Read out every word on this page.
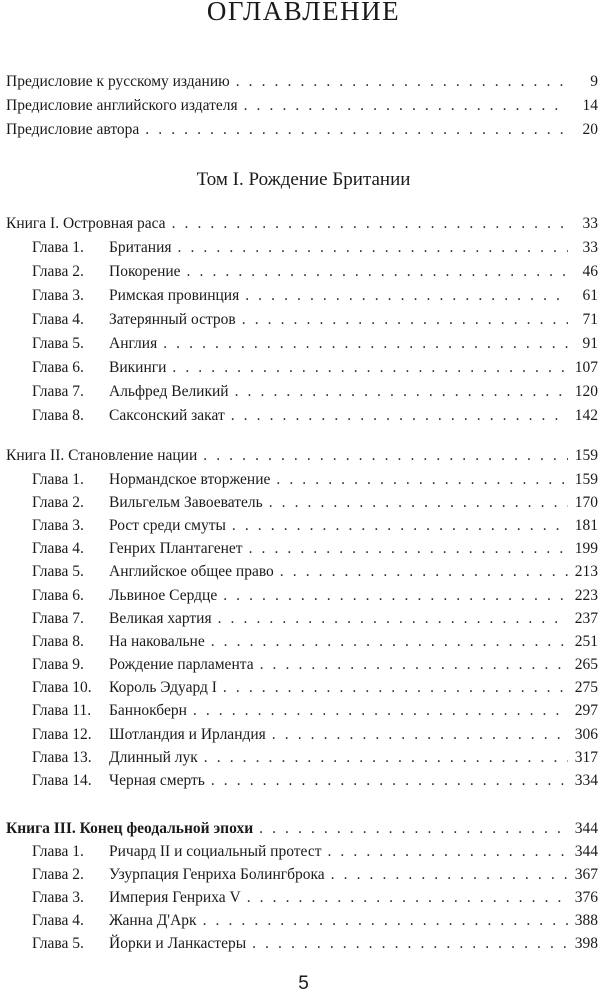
ОГЛАВЛЕНИЕ
Предисловие к русскому изданию . . .	9
Предисловие английского издателя . . .	14
Предисловие автора . . .	20
Том I. Рождение Британии
Книга I. Островная раса . . .	33
Глава 1.	Британия . . .	33
Глава 2.	Покорение . . .	46
Глава 3.	Римская провинция . . .	61
Глава 4.	Затерянный остров . . .	71
Глава 5.	Англия . . .	91
Глава 6.	Викинги . . .	107
Глава 7.	Альфред Великий . . .	120
Глава 8.	Саксонский закат . . .	142
Книга II. Становление нации . . .	159
Глава 1.	Нормандское вторжение . . .	159
Глава 2.	Вильгельм Завоеватель . . .	170
Глава 3.	Рост среди смуты . . .	181
Глава 4.	Генрих Плантагенет . . .	199
Глава 5.	Английское общее право . . .	213
Глава 6.	Львиное Сердце . . .	223
Глава 7.	Великая хартия . . .	237
Глава 8.	На наковальне . . .	251
Глава 9.	Рождение парламента . . .	265
Глава 10.	Король Эдуард I . . .	275
Глава 11.	Баннокберн . . .	297
Глава 12.	Шотландия и Ирландия . . .	306
Глава 13.	Длинный лук . . .	317
Глава 14.	Черная смерть . . .	334
Книга III. Конец феодальной эпохи . . .	344
Глава 1.	Ричард II и социальный протест . . .	344
Глава 2.	Узурпация Генриха Болингброка . . .	367
Глава 3.	Империя Генриха V . . .	376
Глава 4.	Жанна Д'Арк . . .	388
Глава 5.	Йорки и Ланкастеры . . .	398
5
